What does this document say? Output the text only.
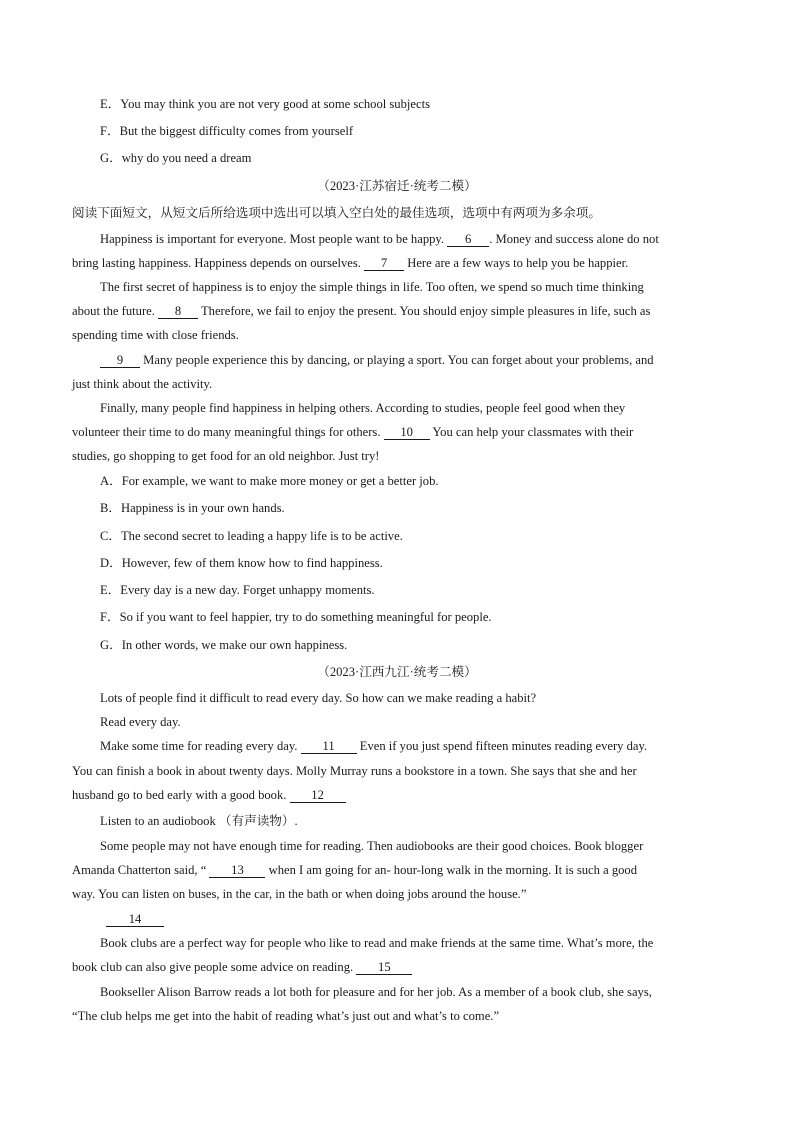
E．You may think you are not very good at some school subjects
F．But the biggest difficulty comes from yourself
G．why do you need a dream
（2023·江苏宿迁·统考二模）
阅读下面短文，从短文后所给选项中选出可以填入空白处的最佳选项，选项中有两项为多余项。
Happiness is important for everyone. Most people want to be happy. 6 . Money and success alone do not
bring lasting happiness. Happiness depends on ourselves. 7 Here are a few ways to help you be happier.
The first secret of happiness is to enjoy the simple things in life. Too often, we spend so much time thinking
about the future. 8 Therefore, we fail to enjoy the present. You should enjoy simple pleasures in life, such as
spending time with close friends.
9 Many people experience this by dancing, or playing a sport. You can forget about your problems, and
just think about the activity.
Finally, many people find happiness in helping others. According to studies, people feel good when they
volunteer their time to do many meaningful things for others. 10 You can help your classmates with their
studies, go shopping to get food for an old neighbor. Just try!
A．For example, we want to make more money or get a better job.
B．Happiness is in your own hands.
C．The second secret to leading a happy life is to be active.
D．However, few of them know how to find happiness.
E．Every day is a new day. Forget unhappy moments.
F．So if you want to feel happier, try to do something meaningful for people.
G．In other words, we make our own happiness.
（2023·江西九江·统考二模）
Lots of people find it difficult to read every day. So how can we make reading a habit?
Read every day.
Make some time for reading every day. 11 Even if you just spend fifteen minutes reading every day.
You can finish a book in about twenty days. Molly Murray runs a bookstore in a town. She says that she and her
husband go to bed early with a good book. 12
Listen to an audiobook （有声读物）.
Some people may not have enough time for reading. Then audiobooks are their good choices. Book blogger
Amanda Chatterton said, “ 13 when I am going for an- hour-long walk in the morning. It is such a good
way. You can listen on buses, in the car, in the bath or when doing jobs around the house.”
14
Book clubs are a perfect way for people who like to read and make friends at the same time. What’s more, the
book club can also give people some advice on reading. 15
Bookseller Alison Barrow reads a lot both for pleasure and for her job. As a member of a book club, she says,
“The club helps me get into the habit of reading what’s just out and what’s to come.”
